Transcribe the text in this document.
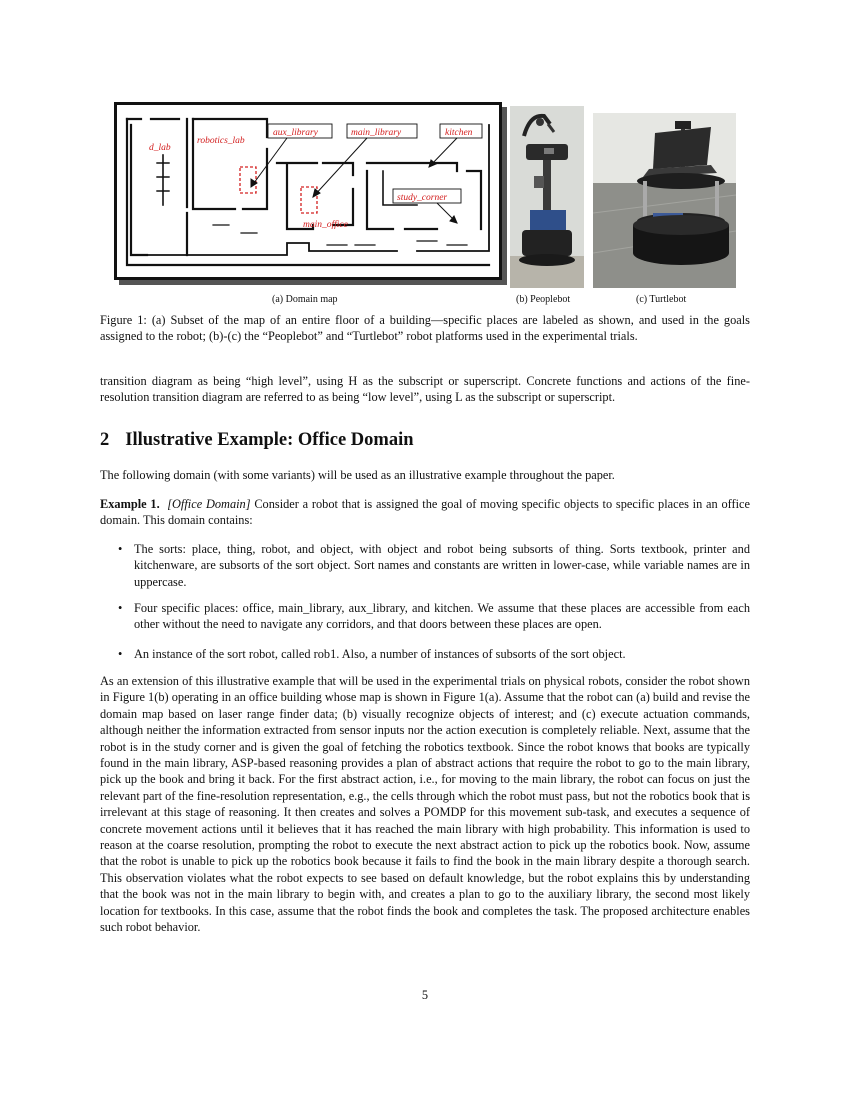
d_lab
robotics_lab
aux_library	main_library	kitchen
study_corner
main_office
(a) Domain map	(b) Peoplebot	(c) Turtlebot

Figure 1: (a) Subset of the map of an entire floor of a building—specific places are labeled as shown, and used in the goals assigned to the robot; (b)-(c) the “Peoplebot” and “Turtlebot” robot platforms used in the experimental trials.

transition diagram as being “high level”, using H as the subscript or superscript. Concrete functions and actions of the fine-resolution transition diagram are referred to as being “low level”, using L as the subscript or superscript.

2 Illustrative Example: Office Domain

The following domain (with some variants) will be used as an illustrative example throughout the paper.

Example 1. [Office Domain] Consider a robot that is assigned the goal of moving specific objects to specific places in an office domain. This domain contains:

• The sorts: place, thing, robot, and object, with object and robot being subsorts of thing. Sorts textbook, printer and kitchenware, are subsorts of the sort object. Sort names and constants are written in lower-case, while variable names are in uppercase.
• Four specific places: office, main_library, aux_library, and kitchen. We assume that these places are accessible from each other without the need to navigate any corridors, and that doors between these places are open.
• An instance of the sort robot, called rob1. Also, a number of instances of subsorts of the sort object.

As an extension of this illustrative example that will be used in the experimental trials on physical robots, consider the robot shown in Figure 1(b) operating in an office building whose map is shown in Figure 1(a). Assume that the robot can (a) build and revise the domain map based on laser range finder data; (b) visually recognize objects of interest; and (c) execute actuation commands, although neither the information extracted from sensor inputs nor the action execution is completely reliable. Next, assume that the robot is in the study corner and is given the goal of fetching the robotics textbook. Since the robot knows that books are typically found in the main library, ASP-based reasoning provides a plan of abstract actions that require the robot to go to the main library, pick up the book and bring it back. For the first abstract action, i.e., for moving to the main library, the robot can focus on just the relevant part of the fine-resolution representation, e.g., the cells through which the robot must pass, but not the robotics book that is irrelevant at this stage of reasoning. It then creates and solves a POMDP for this movement sub-task, and executes a sequence of concrete movement actions until it believes that it has reached the main library with high probability. This information is used to reason at the coarse resolution, prompting the robot to execute the next abstract action to pick up the robotics book. Now, assume that the robot is unable to pick up the robotics book because it fails to find the book in the main library despite a thorough search. This observation violates what the robot expects to see based on default knowledge, but the robot explains this by understanding that the book was not in the main library to begin with, and creates a plan to go to the auxiliary library, the second most likely location for textbooks. In this case, assume that the robot finds the book and completes the task. The proposed architecture enables such robot behavior.

5
